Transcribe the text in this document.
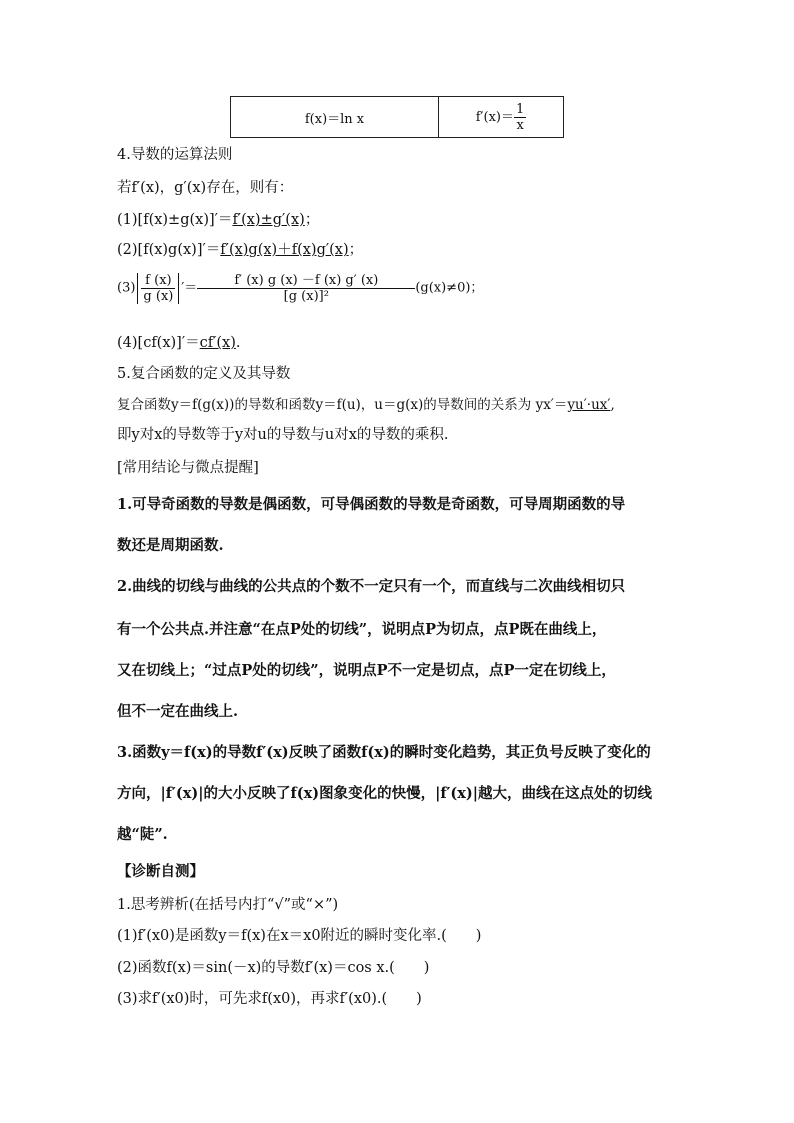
f(x)＝ln x	$f'(x)= \frac{1}{x}$
4.导数的运算法则
若f′(x)，g′(x)存在，则有：
(1)[f(x)±g(x)]′＝f′(x)±g′(x)；
(2)[f(x)g(x)]′＝f′(x)g(x)＋f(x)g′(x)；
$(3) \frac{f (x)}{g (x)}$ ′＝ $\frac{f' (x) g (x) -f (x) g' (x)}{\text{[g (x)]²}} (g(x)\ne 0)$；
(4)[cf(x)]′＝cf′(x).
5.复合函数的定义及其导数
复合函数y＝f(g(x))的导数和函数y＝f(u)，u＝g(x)的导数间的关系为 yx′＝yu′·ux′,
即y对x的导数等于y对u的导数与u对x的导数的乘积.
[常用结论与微点提醒]
1.可导奇函数的导数是偶函数，可导偶函数的导数是奇函数，可导周期函数的导
数还是周期函数.
2.曲线的切线与曲线的公共点的个数不一定只有一个，而直线与二次曲线相切只
有一个公共点.并注意“在点P处的切线”，说明点P为切点，点P既在曲线上，
又在切线上；“过点P处的切线”，说明点P不一定是切点，点P一定在切线上，
但不一定在曲线上.
3.函数y＝f(x)的导数f′(x)反映了函数f(x)的瞬时变化趋势，其正负号反映了变化的
方向，|f′(x)|的大小反映了f(x)图象变化的快慢，|f′(x)|越大，曲线在这点处的切线
越“陡”.
【诊断自测】
1.思考辨析(在括号内打“√”或“×”)
(1)f′(x0)是函数y＝f(x)在x＝x0附近的瞬时变化率.(　　)
(2)函数f(x)＝sin(－x)的导数f′(x)＝cos x.(　　)
(3)求f′(x0)时，可先求f(x0)，再求f′(x0).(　　)
